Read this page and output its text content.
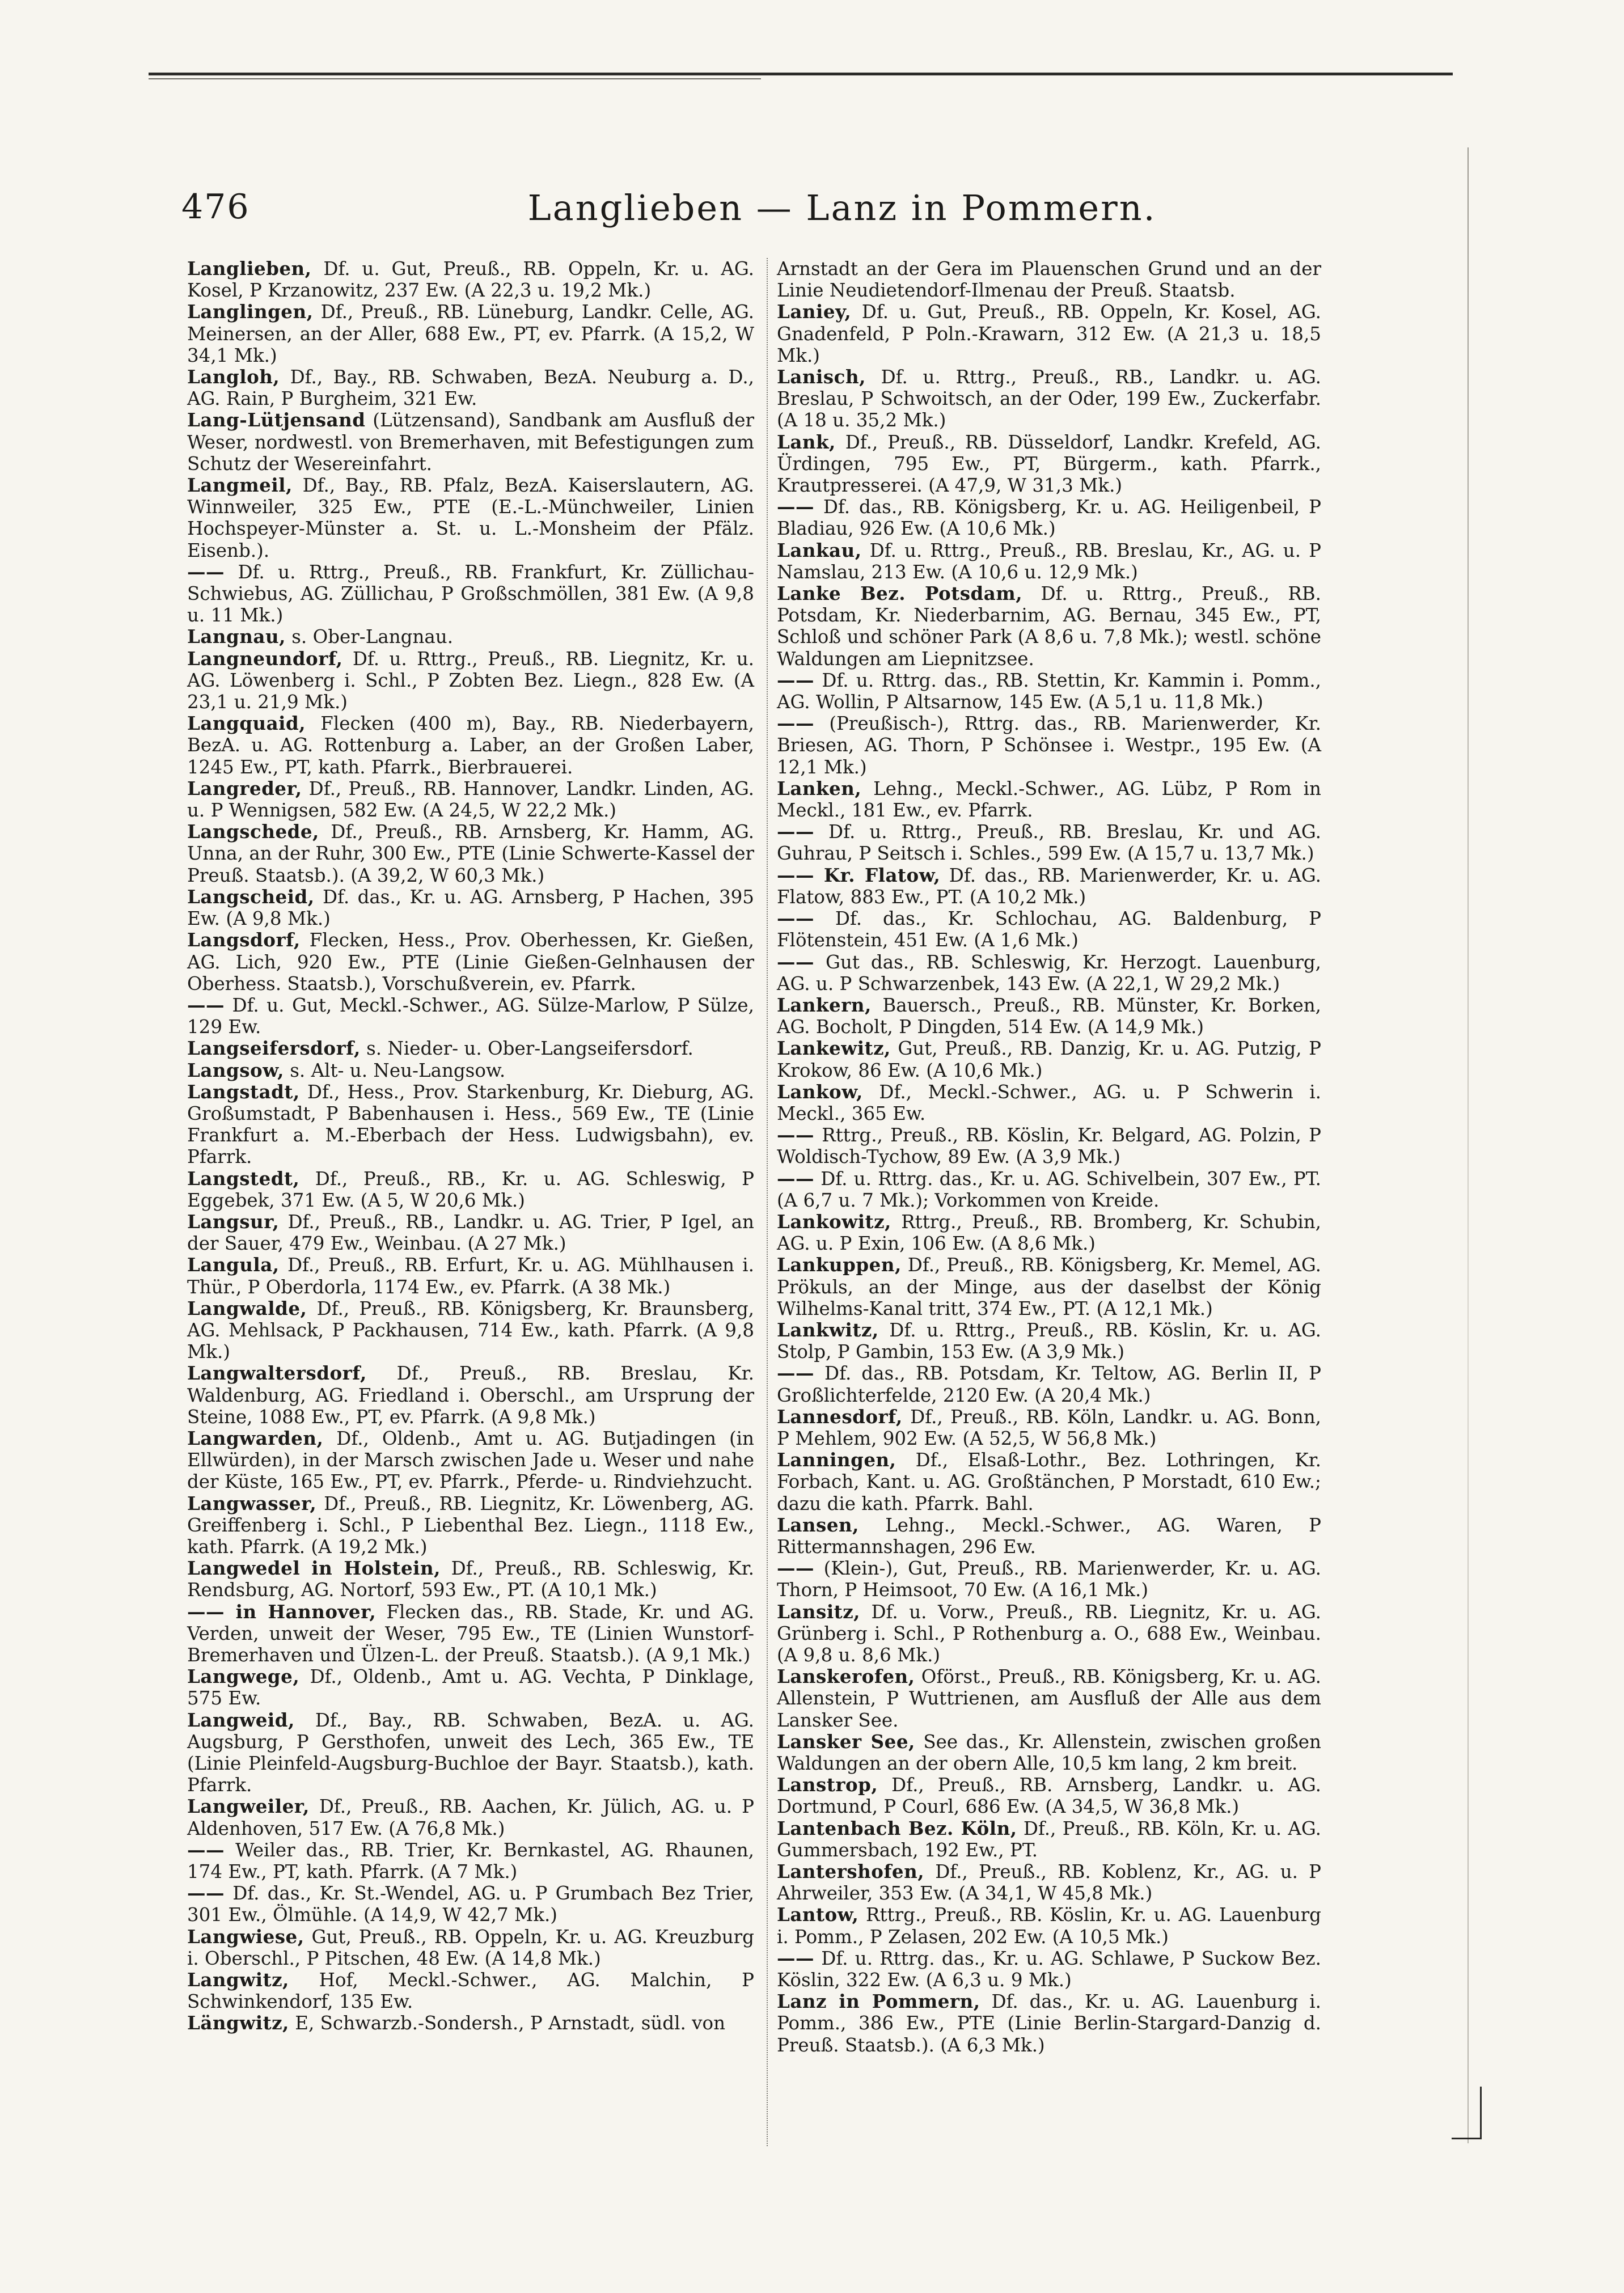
476	Langlieben — Lanz in Pommern.

Langlieben, Df. u. Gut, Preuß., RB. Oppeln, Kr. u. AG. Kosel, P Krzanowitz, 237 Ew. (A 22,3 u. 19,2 Mk.)

Langlingen, Df., Preuß., RB. Lüneburg, Landkr. Celle, AG. Meinersen, an der Aller, 688 Ew., PT, ev. Pfarrk. (A 15,2, W 34,1 Mk.)

Langloh, Df., Bay., RB. Schwaben, BezA. Neuburg a. D., AG. Rain, P Burgheim, 321 Ew.

Lang-Lütjensand (Lützensand), Sandbank am Ausfluß der Weser, nordwestl. von Bremerhaven, mit Befestigungen zum Schutz der Wesereinfahrt.

Langmeil, Df., Bay., RB. Pfalz, BezA. Kaiserslautern, AG. Winnweiler, 325 Ew., PTE (E.-L.-Münchweiler, Linien Hochspeyer-Münster a. St. u. L.-Monsheim der Pfälz. Eisenb.).

—— Df. u. Rttrg., Preuß., RB. Frankfurt, Kr. Züllichau-Schwiebus, AG. Züllichau, P Großschmöllen, 381 Ew. (A 9,8 u. 11 Mk.)

Langnau, s. Ober-Langnau.

Langneundorf, Df. u. Rttrg., Preuß., RB. Liegnitz, Kr. u. AG. Löwenberg i. Schl., P Zobten Bez. Liegn., 828 Ew. (A 23,1 u. 21,9 Mk.)

Langquaid, Flecken (400 m), Bay., RB. Niederbayern, BezA. u. AG. Rottenburg a. Laber, an der Großen Laber, 1245 Ew., PT, kath. Pfarrk., Bierbrauerei.

Langreder, Df., Preuß., RB. Hannover, Landkr. Linden, AG. u. P Wennigsen, 582 Ew. (A 24,5, W 22,2 Mk.)

Langschede, Df., Preuß., RB. Arnsberg, Kr. Hamm, AG. Unna, an der Ruhr, 300 Ew., PTE (Linie Schwerte-Kassel der Preuß. Staatsb.). (A 39,2, W 60,3 Mk.)

Langscheid, Df. das., Kr. u. AG. Arnsberg, P Hachen, 395 Ew. (A 9,8 Mk.)

Langsdorf, Flecken, Hess., Prov. Oberhessen, Kr. Gießen, AG. Lich, 920 Ew., PTE (Linie Gießen-Gelnhausen der Oberhess. Staatsb.), Vorschußverein, ev. Pfarrk.

—— Df. u. Gut, Meckl.-Schwer., AG. Sülze-Marlow, P Sülze, 129 Ew.

Langseifersdorf, s. Nieder- u. Ober-Langseifersdorf.

Langsow, s. Alt- u. Neu-Langsow.

Langstadt, Df., Hess., Prov. Starkenburg, Kr. Dieburg, AG. Großumstadt, P Babenhausen i. Hess., 569 Ew., TE (Linie Frankfurt a. M.-Eberbach der Hess. Ludwigsbahn), ev. Pfarrk.

Langstedt, Df., Preuß., RB., Kr. u. AG. Schleswig, P Eggebek, 371 Ew. (A 5, W 20,6 Mk.)

Langsur, Df., Preuß., RB., Landkr. u. AG. Trier, P Igel, an der Sauer, 479 Ew., Weinbau. (A 27 Mk.)

Langula, Df., Preuß., RB. Erfurt, Kr. u. AG. Mühlhausen i. Thür., P Oberdorla, 1174 Ew., ev. Pfarrk. (A 38 Mk.)

Langwalde, Df., Preuß., RB. Königsberg, Kr. Braunsberg, AG. Mehlsack, P Packhausen, 714 Ew., kath. Pfarrk. (A 9,8 Mk.)

Langwaltersdorf, Df., Preuß., RB. Breslau, Kr. Waldenburg, AG. Friedland i. Oberschl., am Ursprung der Steine, 1088 Ew., PT, ev. Pfarrk. (A 9,8 Mk.)

Langwarden, Df., Oldenb., Amt u. AG. Butjadingen (in Ellwürden), in der Marsch zwischen Jade u. Weser und nahe der Küste, 165 Ew., PT, ev. Pfarrk., Pferde- u. Rindviehzucht.

Langwasser, Df., Preuß., RB. Liegnitz, Kr. Löwenberg, AG. Greiffenberg i. Schl., P Liebenthal Bez. Liegn., 1118 Ew., kath. Pfarrk. (A 19,2 Mk.)

Langwedel in Holstein, Df., Preuß., RB. Schleswig, Kr. Rendsburg, AG. Nortorf, 593 Ew., PT. (A 10,1 Mk.)

—— in Hannover, Flecken das., RB. Stade, Kr. und AG. Verden, unweit der Weser, 795 Ew., TE (Linien Wunstorf-Bremerhaven und Ülzen-L. der Preuß. Staatsb.). (A 9,1 Mk.)

Langwege, Df., Oldenb., Amt u. AG. Vechta, P Dinklage, 575 Ew.

Langweid, Df., Bay., RB. Schwaben, BezA. u. AG. Augsburg, P Gersthofen, unweit des Lech, 365 Ew., TE (Linie Pleinfeld-Augsburg-Buchloe der Bayr. Staatsb.), kath. Pfarrk.

Langweiler, Df., Preuß., RB. Aachen, Kr. Jülich, AG. u. P Aldenhoven, 517 Ew. (A 76,8 Mk.)

—— Weiler das., RB. Trier, Kr. Bernkastel, AG. Rhaunen, 174 Ew., PT, kath. Pfarrk. (A 7 Mk.)

—— Df. das., Kr. St.-Wendel, AG. u. P Grumbach Bez Trier, 301 Ew., Ölmühle. (A 14,9, W 42,7 Mk.)

Langwiese, Gut, Preuß., RB. Oppeln, Kr. u. AG. Kreuzburg i. Oberschl., P Pitschen, 48 Ew. (A 14,8 Mk.)

Langwitz, Hof, Meckl.-Schwer., AG. Malchin, P Schwinkendorf, 135 Ew.

Längwitz, E, Schwarzb.-Sondersh., P Arnstadt, südl. von

Arnstadt an der Gera im Plauenschen Grund und an der Linie Neudietendorf-Ilmenau der Preuß. Staatsb.

Laniey, Df. u. Gut, Preuß., RB. Oppeln, Kr. Kosel, AG. Gnadenfeld, P Poln.-Krawarn, 312 Ew. (A 21,3 u. 18,5 Mk.)

Lanisch, Df. u. Rttrg., Preuß., RB., Landkr. u. AG. Breslau, P Schwoitsch, an der Oder, 199 Ew., Zuckerfabr. (A 18 u. 35,2 Mk.)

Lank, Df., Preuß., RB. Düsseldorf, Landkr. Krefeld, AG. Ürdingen, 795 Ew., PT, Bürgerm., kath. Pfarrk., Krautpresserei. (A 47,9, W 31,3 Mk.)

—— Df. das., RB. Königsberg, Kr. u. AG. Heiligenbeil, P Bladiau, 926 Ew. (A 10,6 Mk.)

Lankau, Df. u. Rttrg., Preuß., RB. Breslau, Kr., AG. u. P Namslau, 213 Ew. (A 10,6 u. 12,9 Mk.)

Lanke Bez. Potsdam, Df. u. Rttrg., Preuß., RB. Potsdam, Kr. Niederbarnim, AG. Bernau, 345 Ew., PT, Schloß und schöner Park (A 8,6 u. 7,8 Mk.); westl. schöne Waldungen am Liepnitzsee.

—— Df. u. Rttrg. das., RB. Stettin, Kr. Kammin i. Pomm., AG. Wollin, P Altsarnow, 145 Ew. (A 5,1 u. 11,8 Mk.)

—— (Preußisch-), Rttrg. das., RB. Marienwerder, Kr. Briesen, AG. Thorn, P Schönsee i. Westpr., 195 Ew. (A 12,1 Mk.)

Lanken, Lehng., Meckl.-Schwer., AG. Lübz, P Rom in Meckl., 181 Ew., ev. Pfarrk.

—— Df. u. Rttrg., Preuß., RB. Breslau, Kr. und AG. Guhrau, P Seitsch i. Schles., 599 Ew. (A 15,7 u. 13,7 Mk.)

—— Kr. Flatow, Df. das., RB. Marienwerder, Kr. u. AG. Flatow, 883 Ew., PT. (A 10,2 Mk.)

—— Df. das., Kr. Schlochau, AG. Baldenburg, P Flötenstein, 451 Ew. (A 1,6 Mk.)

—— Gut das., RB. Schleswig, Kr. Herzogt. Lauenburg, AG. u. P Schwarzenbek, 143 Ew. (A 22,1, W 29,2 Mk.)

Lankern, Bauersch., Preuß., RB. Münster, Kr. Borken, AG. Bocholt, P Dingden, 514 Ew. (A 14,9 Mk.)

Lankewitz, Gut, Preuß., RB. Danzig, Kr. u. AG. Putzig, P Krokow, 86 Ew. (A 10,6 Mk.)

Lankow, Df., Meckl.-Schwer., AG. u. P Schwerin i. Meckl., 365 Ew.

—— Rttrg., Preuß., RB. Köslin, Kr. Belgard, AG. Polzin, P Woldisch-Tychow, 89 Ew. (A 3,9 Mk.)

—— Df. u. Rttrg. das., Kr. u. AG. Schivelbein, 307 Ew., PT. (A 6,7 u. 7 Mk.); Vorkommen von Kreide.

Lankowitz, Rttrg., Preuß., RB. Bromberg, Kr. Schubin, AG. u. P Exin, 106 Ew. (A 8,6 Mk.)

Lankuppen, Df., Preuß., RB. Königsberg, Kr. Memel, AG. Prökuls, an der Minge, aus der daselbst der König Wilhelms-Kanal tritt, 374 Ew., PT. (A 12,1 Mk.)

Lankwitz, Df. u. Rttrg., Preuß., RB. Köslin, Kr. u. AG. Stolp, P Gambin, 153 Ew. (A 3,9 Mk.)

—— Df. das., RB. Potsdam, Kr. Teltow, AG. Berlin II, P Großlichterfelde, 2120 Ew. (A 20,4 Mk.)

Lannesdorf, Df., Preuß., RB. Köln, Landkr. u. AG. Bonn, P Mehlem, 902 Ew. (A 52,5, W 56,8 Mk.)

Lanningen, Df., Elsaß-Lothr., Bez. Lothringen, Kr. Forbach, Kant. u. AG. Großtänchen, P Morstadt, 610 Ew.; dazu die kath. Pfarrk. Bahl.

Lansen, Lehng., Meckl.-Schwer., AG. Waren, P Rittermannshagen, 296 Ew.

—— (Klein-), Gut, Preuß., RB. Marienwerder, Kr. u. AG. Thorn, P Heimsoot, 70 Ew. (A 16,1 Mk.)

Lansitz, Df. u. Vorw., Preuß., RB. Liegnitz, Kr. u. AG. Grünberg i. Schl., P Rothenburg a. O., 688 Ew., Weinbau. (A 9,8 u. 8,6 Mk.)

Lanskerofen, Oförst., Preuß., RB. Königsberg, Kr. u. AG. Allenstein, P Wuttrienen, am Ausfluß der Alle aus dem Lansker See.

Lansker See, See das., Kr. Allenstein, zwischen großen Waldungen an der obern Alle, 10,5 km lang, 2 km breit.

Lanstrop, Df., Preuß., RB. Arnsberg, Landkr. u. AG. Dortmund, P Courl, 686 Ew. (A 34,5, W 36,8 Mk.)

Lantenbach Bez. Köln, Df., Preuß., RB. Köln, Kr. u. AG. Gummersbach, 192 Ew., PT.

Lantershofen, Df., Preuß., RB. Koblenz, Kr., AG. u. P Ahrweiler, 353 Ew. (A 34,1, W 45,8 Mk.)

Lantow, Rttrg., Preuß., RB. Köslin, Kr. u. AG. Lauenburg i. Pomm., P Zelasen, 202 Ew. (A 10,5 Mk.)

—— Df. u. Rttrg. das., Kr. u. AG. Schlawe, P Suckow Bez. Köslin, 322 Ew. (A 6,3 u. 9 Mk.)

Lanz in Pommern, Df. das., Kr. u. AG. Lauenburg i. Pomm., 386 Ew., PTE (Linie Berlin-Stargard-Danzig d. Preuß. Staatsb.). (A 6,3 Mk.)
